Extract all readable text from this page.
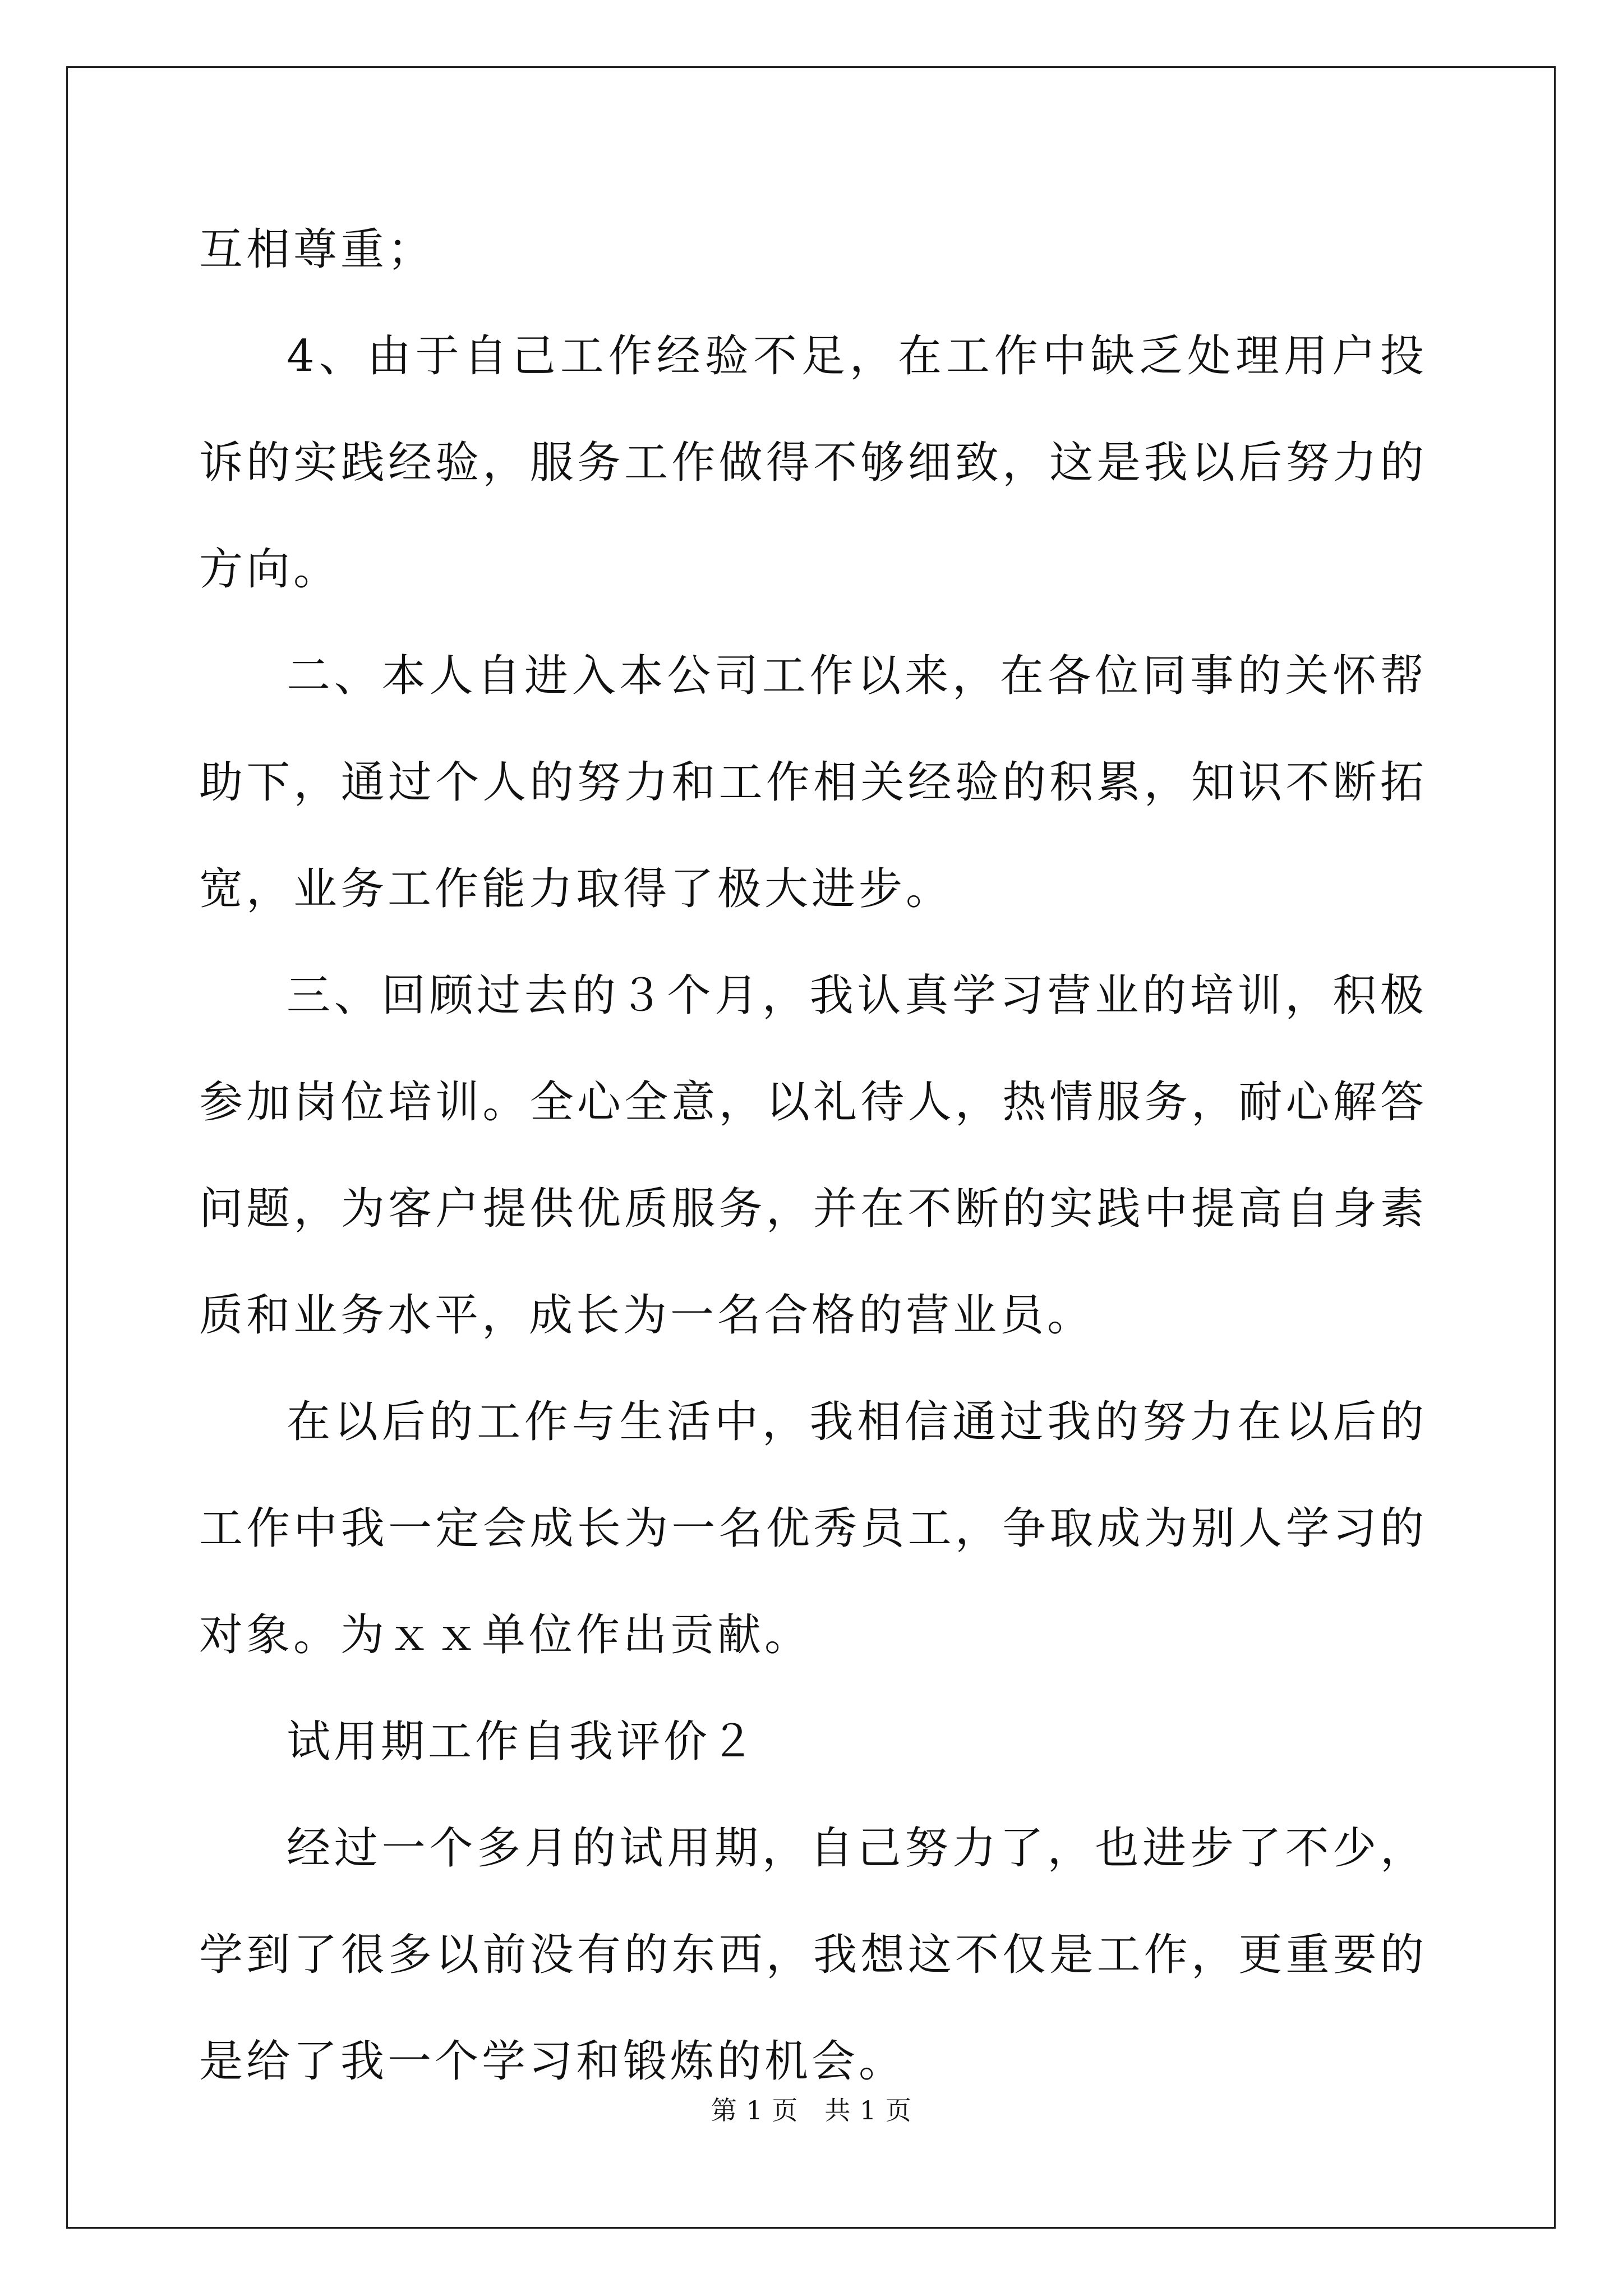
互相尊重；

4、由于自己工作经验不足，在工作中缺乏处理用户投诉的实践经验，服务工作做得不够细致，这是我以后努力的方向。

二、本人自进入本公司工作以来，在各位同事的关怀帮助下，通过个人的努力和工作相关经验的积累，知识不断拓宽，业务工作能力取得了极大进步。

三、回顾过去的３个月，我认真学习营业的培训，积极参加岗位培训。全心全意，以礼待人，热情服务，耐心解答问题，为客户提供优质服务，并在不断的实践中提高自身素质和业务水平，成长为一名合格的营业员。

在以后的工作与生活中，我相信通过我的努力在以后的工作中我一定会成长为一名优秀员工，争取成为别人学习的对象。为ｘｘ单位作出贡献。

试用期工作自我评价２

经过一个多月的试用期，自己努力了，也进步了不少，学到了很多以前没有的东西，我想这不仅是工作，更重要的是给了我一个学习和锻炼的机会。

第 1 页   共 1 页
